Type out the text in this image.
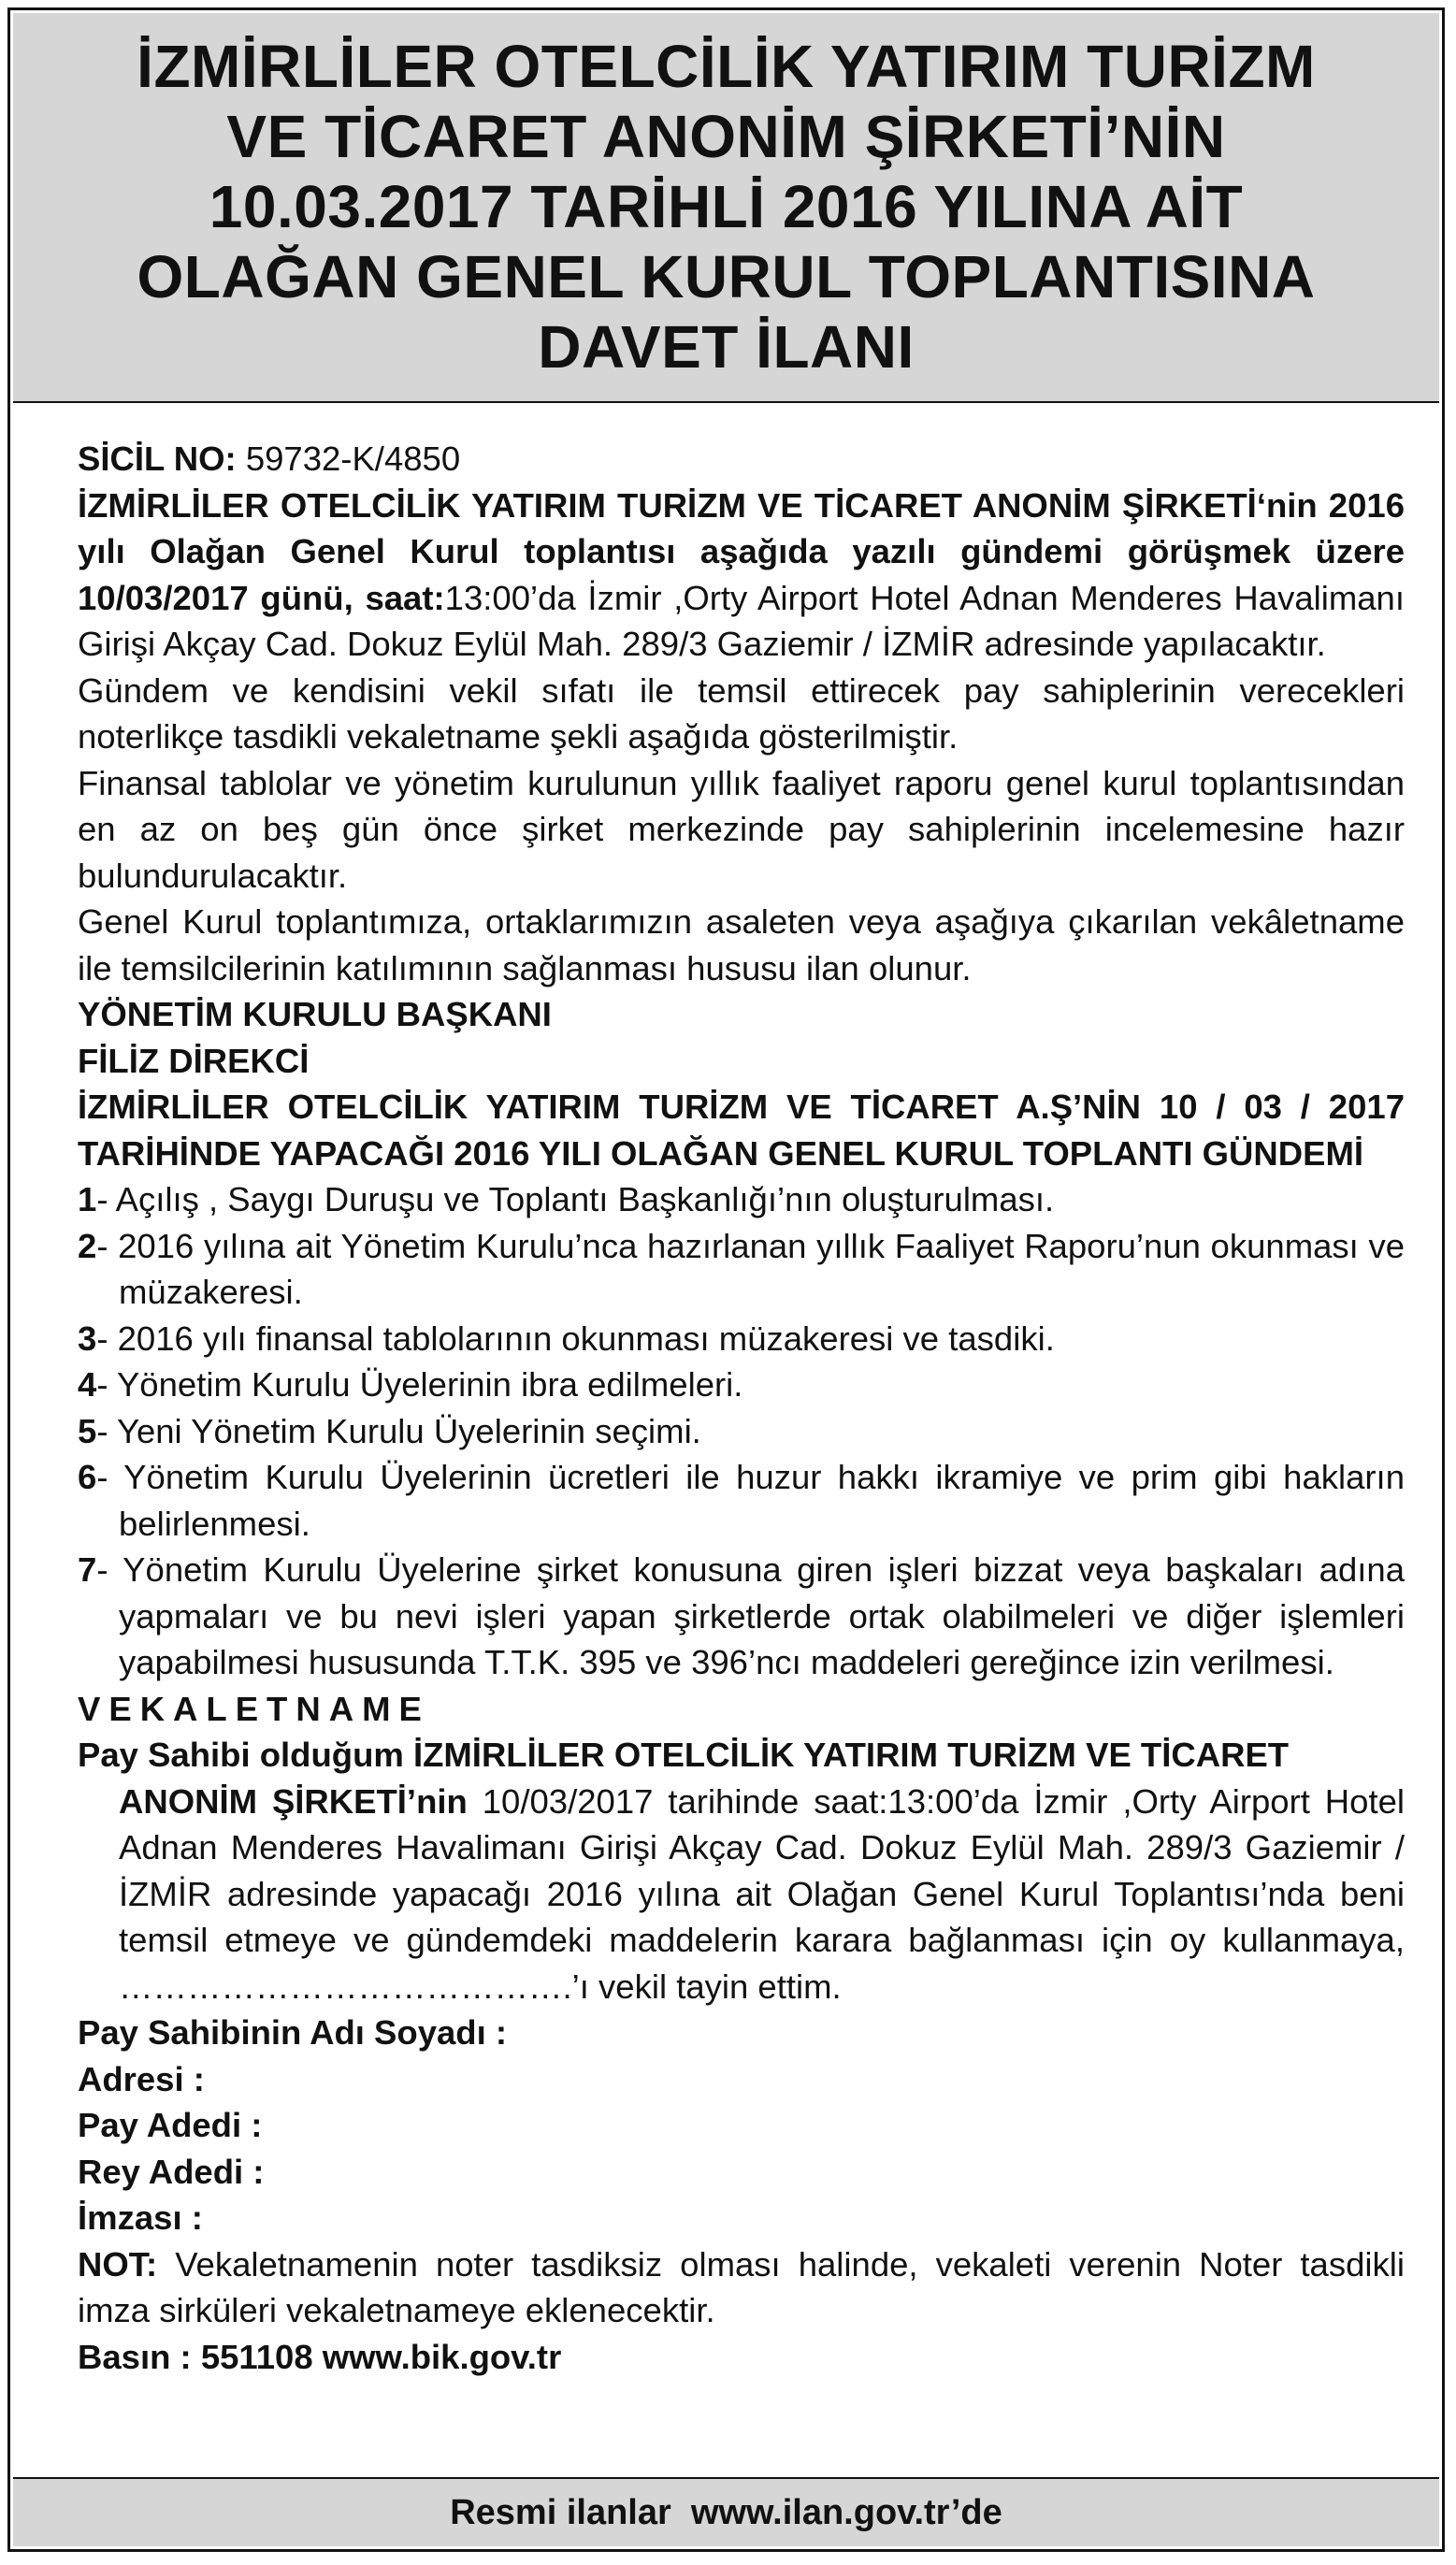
İZMİRLİLER OTELCİLİK YATIRIM TURİZM
VE TİCARET ANONİM ŞİRKETİ’NİN
10.03.2017 TARİHLİ 2016 YILINA AİT
OLAĞAN GENEL KURUL TOPLANTISINA
DAVET İLANI

SİCİL NO: 59732-K/4850

İZMİRLİLER OTELCİLİK YATIRIM TURİZM VE TİCARET ANONİM ŞİRKETİ‘nin 2016 yılı Olağan Genel Kurul toplantısı aşağıda yazılı gündemi görüşmek üzere 10/03/2017 günü, saat:13:00’da İzmir ,Orty Airport Hotel Adnan Menderes Havalimanı Girişi Akçay Cad. Dokuz Eylül Mah. 289/3 Gaziemir / İZMİR adresinde yapılacaktır.

Gündem ve kendisini vekil sıfatı ile temsil ettirecek pay sahiplerinin verecekleri noterlikçe tasdikli vekaletname şekli aşağıda gösterilmiştir.

Finansal tablolar ve yönetim kurulunun yıllık faaliyet raporu genel kurul toplantısından en az on beş gün önce şirket merkezinde pay sahiplerinin incelemesine hazır bulundurulacaktır.

Genel Kurul toplantımıza, ortaklarımızın asaleten veya aşağıya çıkarılan vekâletname ile temsilcilerinin katılımının sağlanması hususu ilan olunur.

YÖNETİM KURULU BAŞKANI

FİLİZ DİREKCİ

İZMİRLİLER OTELCİLİK YATIRIM TURİZM VE TİCARET A.Ş’NİN 10 / 03 / 2017 TARİHİNDE YAPACAĞI 2016 YILI OLAĞAN GENEL KURUL TOPLANTI GÜNDEMİ

1- Açılış , Saygı Duruşu ve Toplantı Başkanlığı’nın oluşturulması.

2- 2016 yılına ait Yönetim Kurulu’nca hazırlanan yıllık Faaliyet Raporu’nun okunması ve müzakeresi.

3- 2016 yılı finansal tablolarının okunması müzakeresi ve tasdiki.

4- Yönetim Kurulu Üyelerinin ibra edilmeleri.

5- Yeni Yönetim Kurulu Üyelerinin seçimi.

6- Yönetim Kurulu Üyelerinin ücretleri ile huzur hakkı ikramiye ve prim gibi hakların belirlenmesi.

7- Yönetim Kurulu Üyelerine şirket konusuna giren işleri bizzat veya başkaları adına yapmaları ve bu nevi işleri yapan şirketlerde ortak olabilmeleri ve diğer işlemleri yapabilmesi hususunda T.T.K. 395 ve 396’ncı maddeleri gereğince izin verilmesi.

VEKALETNAME

Pay Sahibi olduğum İZMİRLİLER OTELCİLİK YATIRIM TURİZM VE TİCARET

ANONİM ŞİRKETİ’nin 10/03/2017 tarihinde saat:13:00’da İzmir ,Orty Airport Hotel Adnan Menderes Havalimanı Girişi Akçay Cad. Dokuz Eylül Mah. 289/3 Gaziemir / İZMİR adresinde yapacağı 2016 yılına ait Olağan Genel Kurul Toplantısı’nda beni temsil etmeye ve gündemdeki maddelerin karara bağlanması için oy kullanmaya, ………………………………….’ı vekil tayin ettim.

Pay Sahibinin Adı Soyadı :

Adresi :

Pay Adedi :

Rey Adedi :

İmzası :

NOT: Vekaletnamenin noter tasdiksiz olması halinde, vekaleti verenin Noter tasdikli imza sirküleri vekaletnameye eklenecektir.

Basın : 551108 www.bik.gov.tr

Resmi ilanlar  www.ilan.gov.tr’de
